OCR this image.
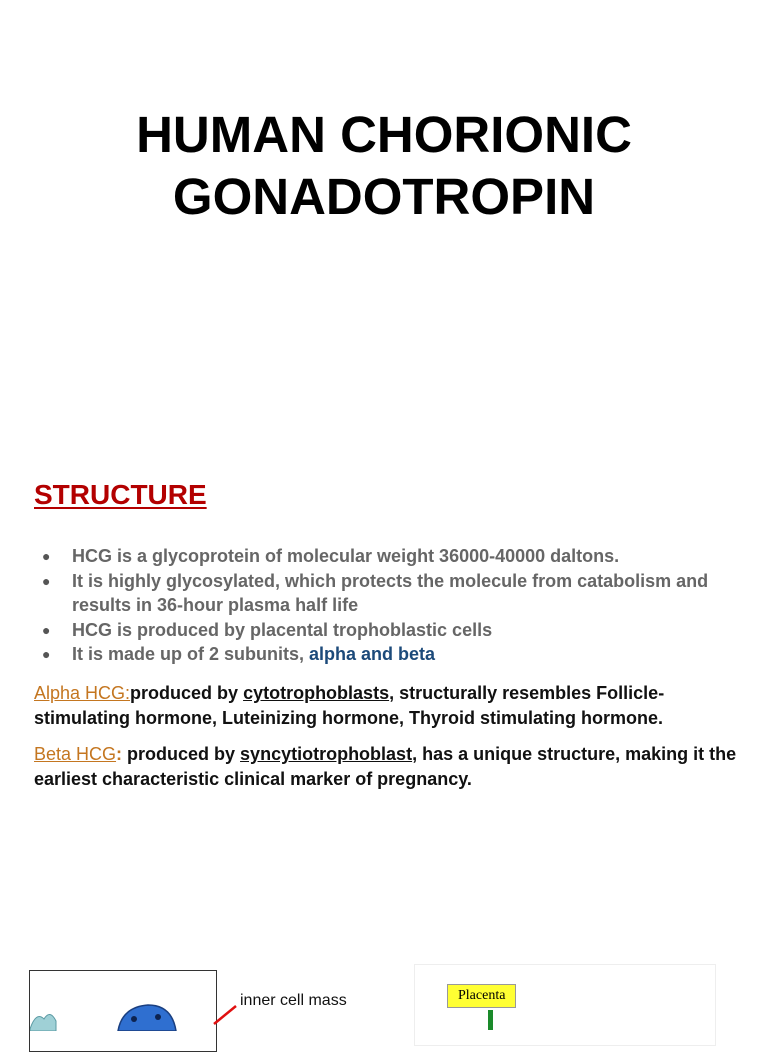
HUMAN CHORIONIC
GONADOTROPIN
STRUCTURE
● HCG is a glycoprotein of molecular weight 36000-40000 daltons.
● It is highly glycosylated, which protects the molecule from catabolism and results in 36-hour plasma half life
● HCG is produced by placental trophoblastic cells
● It is made up of 2 subunits, alpha and beta

Alpha HCG:produced by cytotrophoblasts, structurally resembles Follicle-stimulating hormone, Luteinizing hormone, Thyroid stimulating hormone.

Beta HCG: produced by syncytiotrophoblast, has a unique structure, making it the earliest characteristic clinical marker of pregnancy.

inner cell mass	Placenta
